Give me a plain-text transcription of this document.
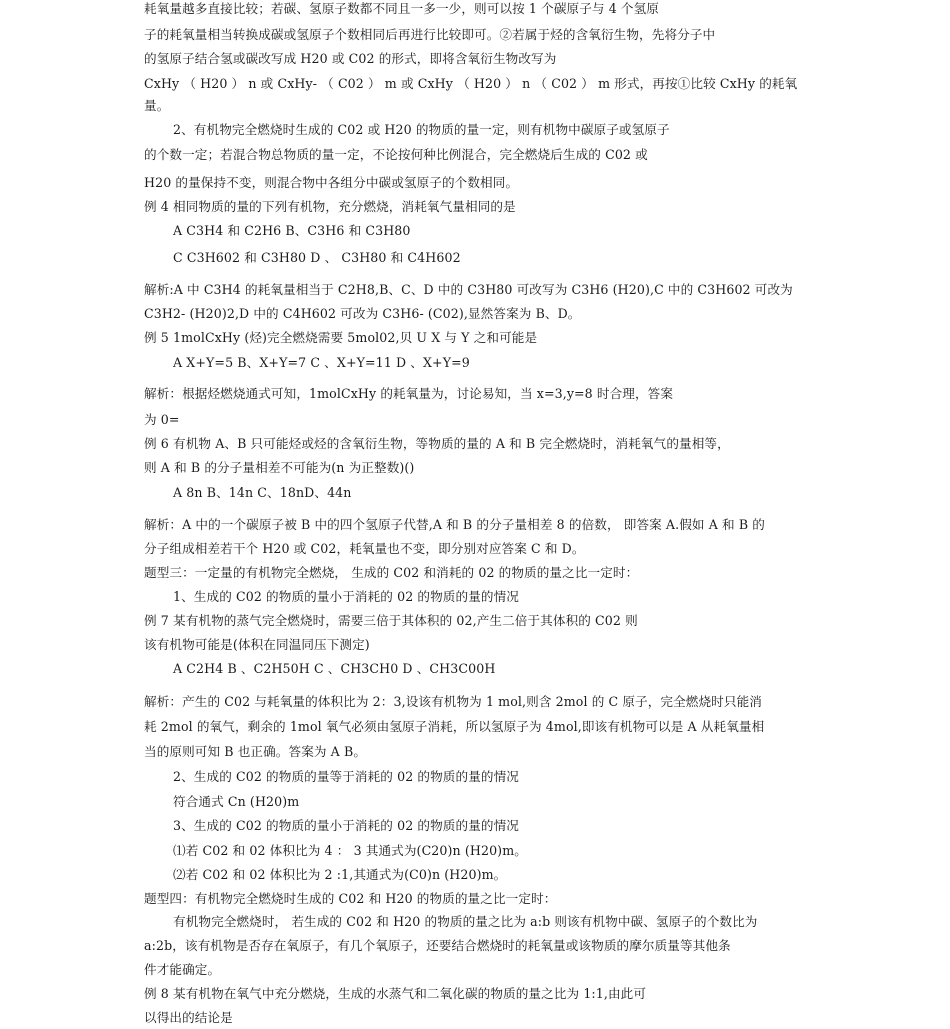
耗氧量越多直接比较；若碳、氢原子数都不同且一多一少，则可以按 1 个碳原子与 4 个氢原
子的耗氧量相当转换成碳或氢原子个数相同后再进行比较即可。②若属于烃的含氧衍生物，先将分子中
的氢原子结合氢或碳改写成 H20 或 C02 的形式，即将含氧衍生物改写为
CxHy （ H20 ） n 或 CxHy- （ C02 ） m 或 CxHy （ H20 ） n （ C02 ） m 形式，再按①比较 CxHy 的耗氧
量。
2、有机物完全燃烧时生成的 C02 或 H20 的物质的量一定，则有机物中碳原子或氢原子
的个数一定；若混合物总物质的量一定，不论按何种比例混合，完全燃烧后生成的 C02 或
H20 的量保持不变，则混合物中各组分中碳或氢原子的个数相同。
例 4 相同物质的量的下列有机物，充分燃烧，消耗氧气量相同的是
A C3H4 和 C2H6 B、C3H6 和 C3H80
C C3H602 和 C3H80 D 、 C3H80 和 C4H602
解析:A 中 C3H4 的耗氧量相当于 C2H8,B、C、D 中的 C3H80 可改写为 C3H6 (H20),C 中的 C3H602 可改为
C3H2- (H20)2,D 中的 C4H602 可改为 C3H6- (C02),显然答案为 B、D。
例 5 1molCxHy (烃)完全燃烧需要 5mol02,贝 U X 与 Y 之和可能是
A X+Y=5 B、X+Y=7 C 、X+Y=11 D 、X+Y=9
解析：根据烃燃烧通式可知，1molCxHy 的耗氧量为，讨论易知，当 x=3,y=8 时合理，答案
为 0=
例 6 有机物 A、B 只可能烃或烃的含氧衍生物，等物质的量的 A 和 B 完全燃烧时，消耗氧气的量相等，
则 A 和 B 的分子量相差不可能为(n 为正整数)()
A 8n B、14n C、18nD、44n
解析：A 中的一个碳原子被 B 中的四个氢原子代替,A 和 B 的分子量相差 8 的倍数， 即答案 A.假如 A 和 B 的
分子组成相差若干个 H20 或 C02，耗氧量也不变，即分别对应答案 C 和 D。
题型三：一定量的有机物完全燃烧， 生成的 C02 和消耗的 02 的物质的量之比一定时：
1、生成的 C02 的物质的量小于消耗的 02 的物质的量的情况
例 7 某有机物的蒸气完全燃烧时，需要三倍于其体积的 02,产生二倍于其体积的 C02 则
该有机物可能是(体积在同温同压下测定)
A C2H4 B 、C2H50H C 、CH3CH0 D 、CH3C00H
解析：产生的 C02 与耗氧量的体积比为 2：3,设该有机物为 1 mol,则含 2mol 的 C 原子，完全燃烧时只能消
耗 2mol 的氧气，剩余的 1mol 氧气必须由氢原子消耗，所以氢原子为 4mol,即该有机物可以是 A 从耗氧量相
当的原则可知 B 也正确。答案为 A B。
2、生成的 C02 的物质的量等于消耗的 02 的物质的量的情况
符合通式 Cn (H20)m
3、生成的 C02 的物质的量小于消耗的 02 的物质的量的情况
⑴若 C02 和 02 体积比为 4 ： 3 其通式为(C20)n (H20)m。
⑵若 C02 和 02 体积比为 2 :1,其通式为(C0)n (H20)m。
题型四：有机物完全燃烧时生成的 C02 和 H20 的物质的量之比一定时：
有机物完全燃烧时， 若生成的 C02 和 H20 的物质的量之比为 a:b 则该有机物中碳、氢原子的个数比为
a:2b，该有机物是否存在氧原子，有几个氧原子，还要结合燃烧时的耗氧量或该物质的摩尔质量等其他条
件才能确定。
例 8 某有机物在氧气中充分燃烧，生成的水蒸气和二氧化碳的物质的量之比为 1:1,由此可
以得出的结论是
